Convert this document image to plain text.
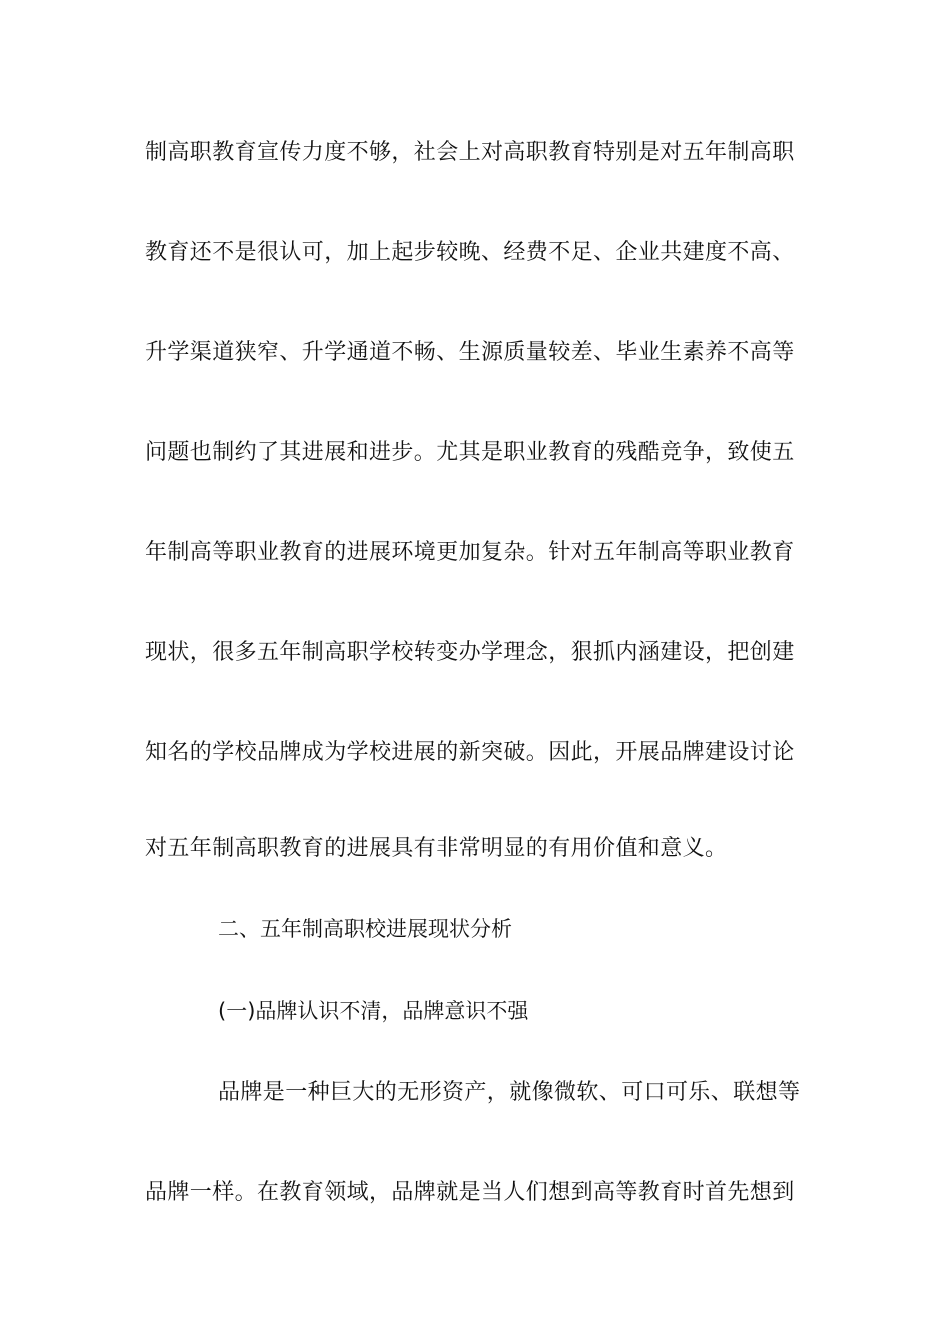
制高职教育宣传力度不够，社会上对高职教育特别是对五年制高职
教育还不是很认可，加上起步较晚、经费不足、企业共建度不高、
升学渠道狭窄、升学通道不畅、生源质量较差、毕业生素养不高等
问题也制约了其进展和进步。尤其是职业教育的残酷竞争，致使五
年制高等职业教育的进展环境更加复杂。针对五年制高等职业教育
现状，很多五年制高职学校转变办学理念，狠抓内涵建设，把创建
知名的学校品牌成为学校进展的新突破。因此，开展品牌建设讨论
对五年制高职教育的进展具有非常明显的有用价值和意义。
二、五年制高职校进展现状分析
(一)品牌认识不清，品牌意识不强
品牌是一种巨大的无形资产，就像微软、可口可乐、联想等
品牌一样。在教育领域，品牌就是当人们想到高等教育时首先想到
